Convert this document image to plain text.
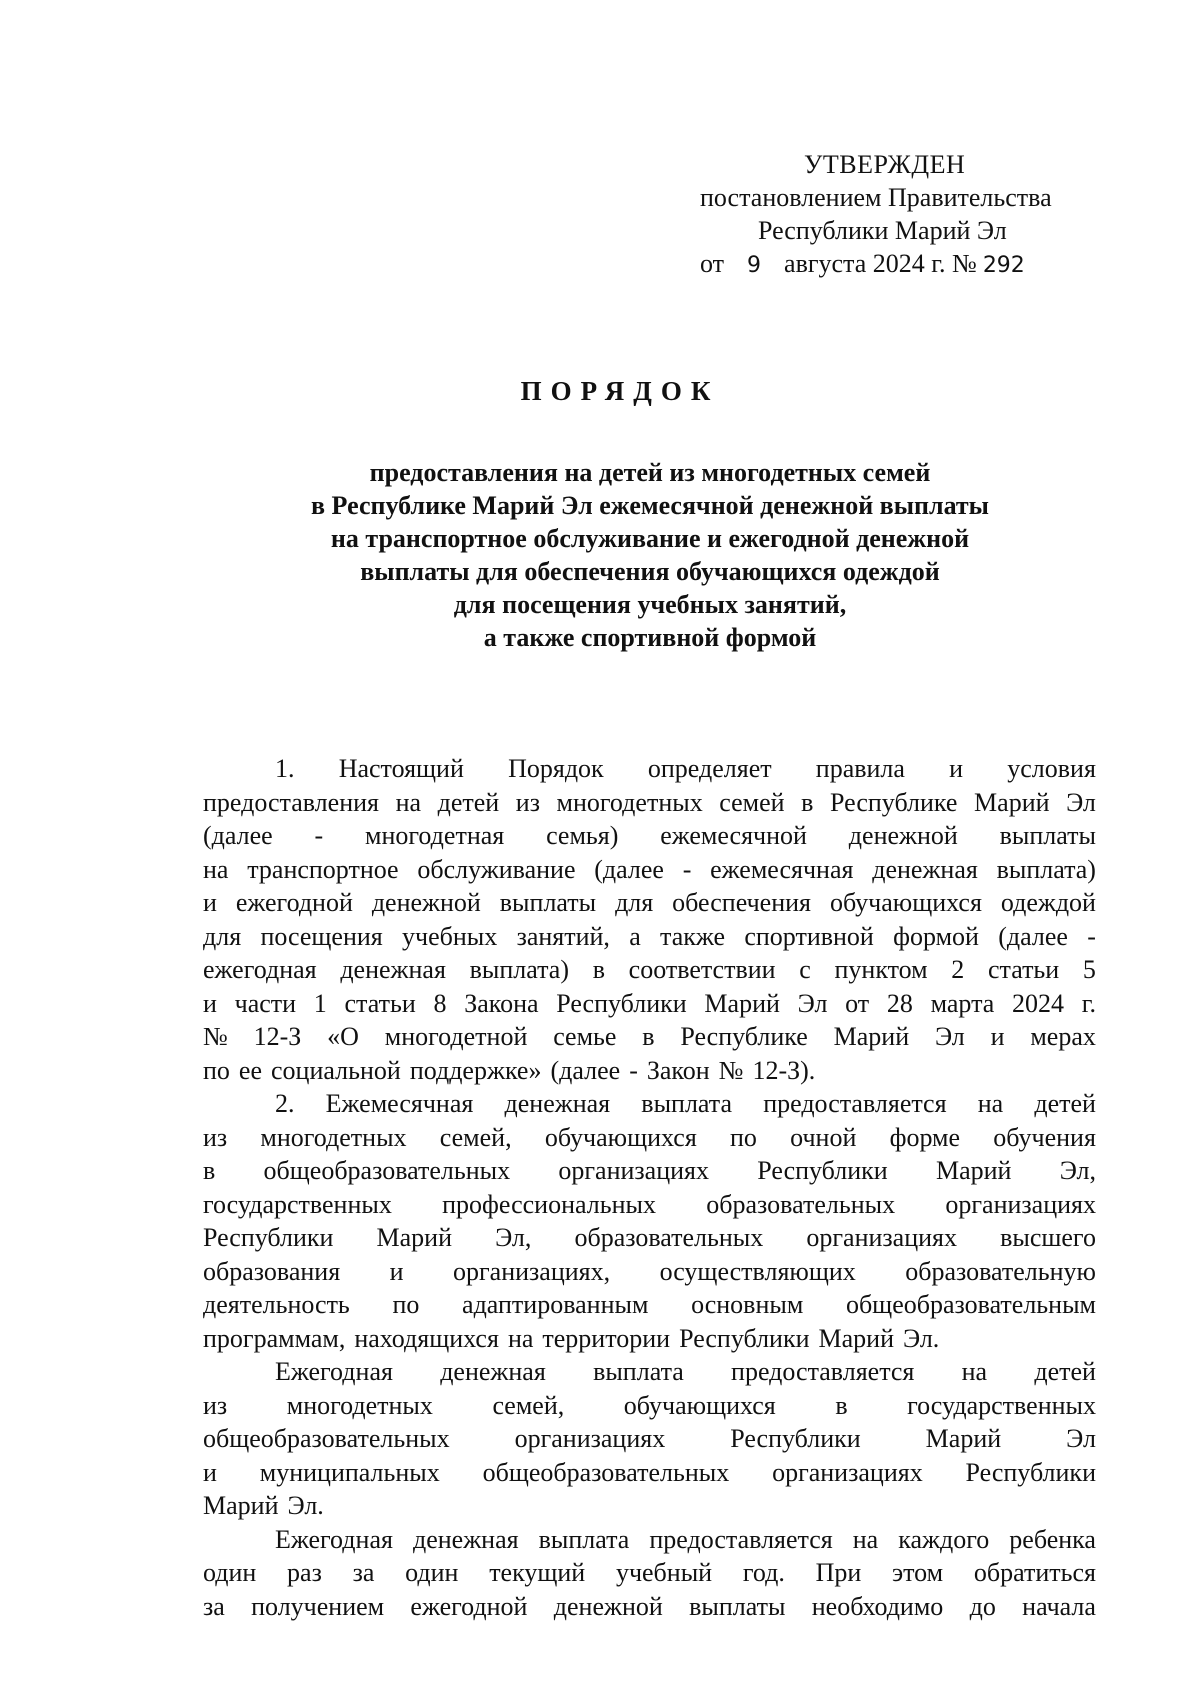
УТВЕРЖДЕН
постановлением Правительства
Республики Марий Эл
от 9 августа 2024 г. № 292
ПОРЯДОК
предоставления на детей из многодетных семей
в Республике Марий Эл ежемесячной денежной выплаты
на транспортное обслуживание и ежегодной денежной
выплаты для обеспечения обучающихся одеждой
для посещения учебных занятий,
а также спортивной формой
1. Настоящий Порядок определяет правила и условия
предоставления на детей из многодетных семей в Республике Марий Эл
(далее - многодетная семья) ежемесячной денежной выплаты
на транспортное обслуживание (далее - ежемесячная денежная выплата)
и ежегодной денежной выплаты для обеспечения обучающихся одеждой
для посещения учебных занятий, а также спортивной формой (далее -
ежегодная денежная выплата) в соответствии с пунктом 2 статьи 5
и части 1 статьи 8 Закона Республики Марий Эл от 28 марта 2024 г.
№ 12-З «О многодетной семье в Республике Марий Эл и мерах
по ее социальной поддержке» (далее - Закон № 12-З).
2. Ежемесячная денежная выплата предоставляется на детей
из многодетных семей, обучающихся по очной форме обучения
в общеобразовательных организациях Республики Марий Эл,
государственных профессиональных образовательных организациях
Республики Марий Эл, образовательных организациях высшего
образования и организациях, осуществляющих образовательную
деятельность по адаптированным основным общеобразовательным
программам, находящихся на территории Республики Марий Эл.
Ежегодная денежная выплата предоставляется на детей
из многодетных семей, обучающихся в государственных
общеобразовательных	организациях	Республики	Марий	Эл
и муниципальных общеобразовательных организациях Республики
Марий Эл.
Ежегодная денежная выплата предоставляется на каждого ребенка
один раз за один текущий учебный год. При этом обратиться
за получением ежегодной денежной выплаты необходимо до начала
